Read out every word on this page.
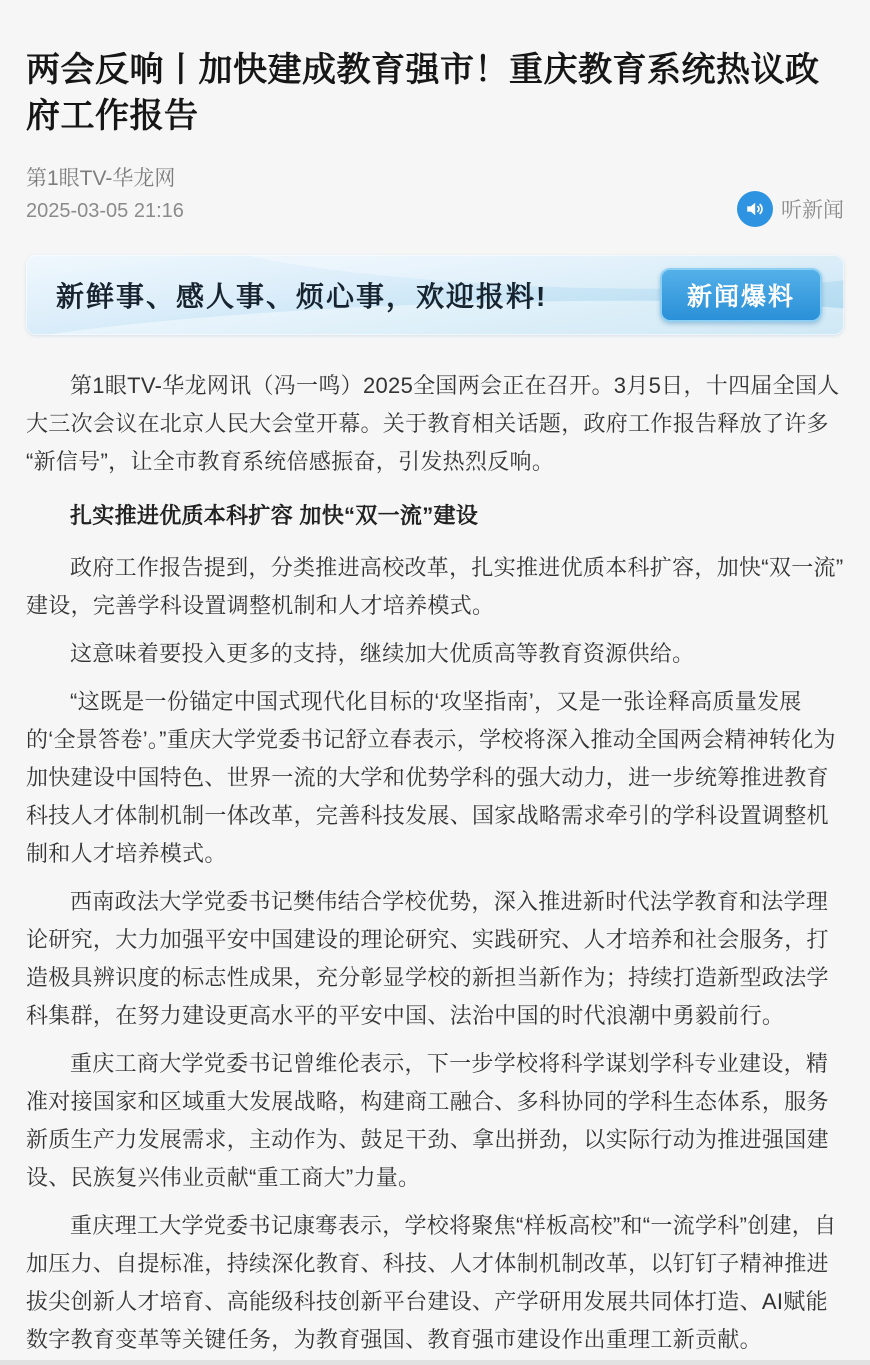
两会反响丨加快建成教育强市！重庆教育系统热议政府工作报告
第1眼TV-华龙网
2025-03-05 21:16	听新闻
新鲜事、感人事、烦心事，欢迎报料!	新闻爆料

第1眼TV-华龙网讯（冯一鸣）2025全国两会正在召开。3月5日，十四届全国人大三次会议在北京人民大会堂开幕。关于教育相关话题，政府工作报告释放了许多“新信号”，让全市教育系统倍感振奋，引发热烈反响。

扎实推进优质本科扩容 加快“双一流”建设

政府工作报告提到，分类推进高校改革，扎实推进优质本科扩容，加快“双一流”建设，完善学科设置调整机制和人才培养模式。

这意味着要投入更多的支持，继续加大优质高等教育资源供给。

“这既是一份锚定中国式现代化目标的‘攻坚指南’，又是一张诠释高质量发展的‘全景答卷’。”重庆大学党委书记舒立春表示，学校将深入推动全国两会精神转化为加快建设中国特色、世界一流的大学和优势学科的强大动力，进一步统筹推进教育科技人才体制机制一体改革，完善科技发展、国家战略需求牵引的学科设置调整机制和人才培养模式。

西南政法大学党委书记樊伟结合学校优势，深入推进新时代法学教育和法学理论研究，大力加强平安中国建设的理论研究、实践研究、人才培养和社会服务，打造极具辨识度的标志性成果，充分彰显学校的新担当新作为；持续打造新型政法学科集群，在努力建设更高水平的平安中国、法治中国的时代浪潮中勇毅前行。

重庆工商大学党委书记曾维伦表示，下一步学校将科学谋划学科专业建设，精准对接国家和区域重大发展战略，构建商工融合、多科协同的学科生态体系，服务新质生产力发展需求，主动作为、鼓足干劲、拿出拼劲，以实际行动为推进强国建设、民族复兴伟业贡献“重工商大”力量。

重庆理工大学党委书记康骞表示，学校将聚焦“样板高校”和“一流学科”创建，自加压力、自提标准，持续深化教育、科技、人才体制机制改革，以钉钉子精神推进拔尖创新人才培育、高能级科技创新平台建设、产学研用发展共同体打造、AI赋能数字教育变革等关键任务，为教育强国、教育强市建设作出重理工新贡献。
